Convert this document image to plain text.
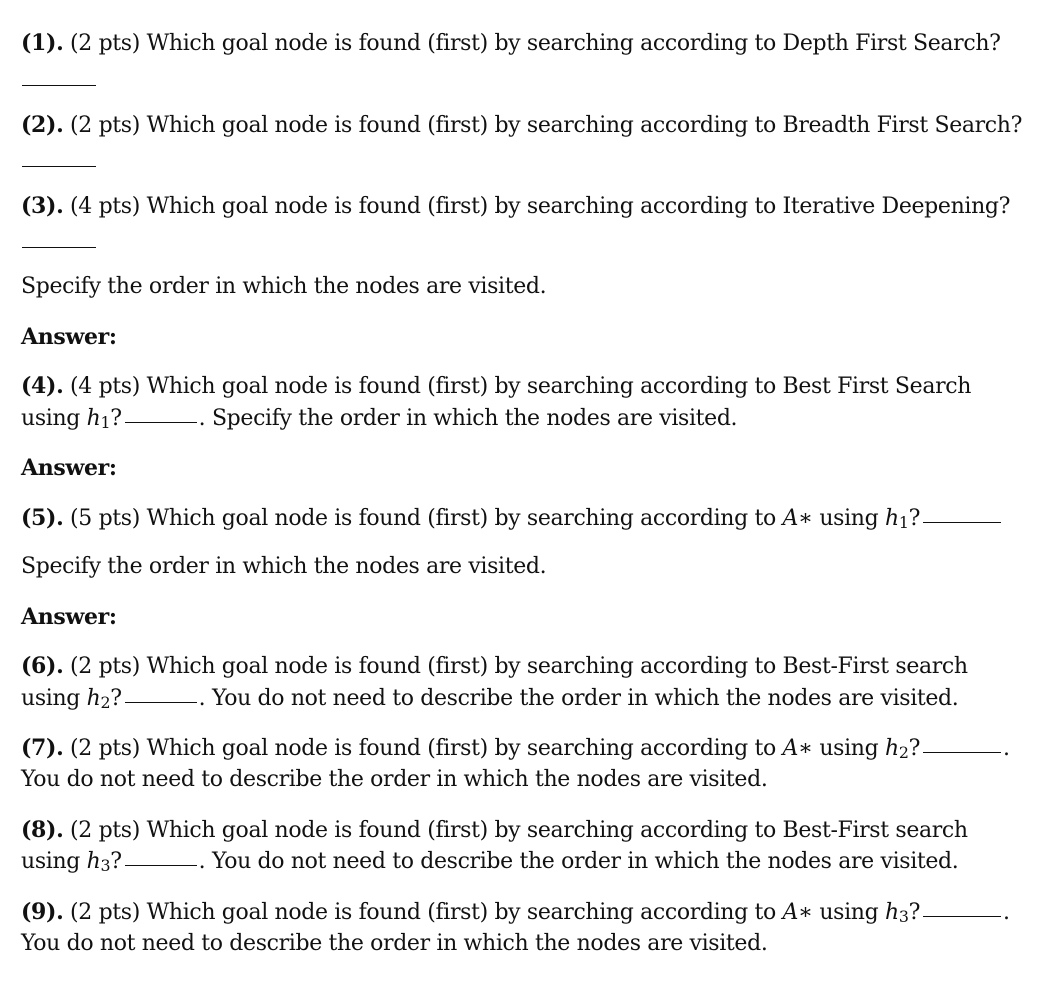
(1). (2 pts) Which goal node is found (first) by searching according to Depth First Search?
(2). (2 pts) Which goal node is found (first) by searching according to Breadth First Search?
(3). (4 pts) Which goal node is found (first) by searching according to Iterative Deepening?
Specify the order in which the nodes are visited.
Answer:
(4). (4 pts) Which goal node is found (first) by searching according to Best First Search
using h1?	. Specify the order in which the nodes are visited.
Answer:
(5). (5 pts) Which goal node is found (first) by searching according to A∗ using h1?
Specify the order in which the nodes are visited.
Answer:
(6). (2 pts) Which goal node is found (first) by searching according to Best-First search
using h2?	. You do not need to describe the order in which the nodes are visited.
(7). (2 pts) Which goal node is found (first) by searching according to A∗ using h2?	.
You do not need to describe the order in which the nodes are visited.
(8). (2 pts) Which goal node is found (first) by searching according to Best-First search
using h3?	. You do not need to describe the order in which the nodes are visited.
(9). (2 pts) Which goal node is found (first) by searching according to A∗ using h3?	.
You do not need to describe the order in which the nodes are visited.
